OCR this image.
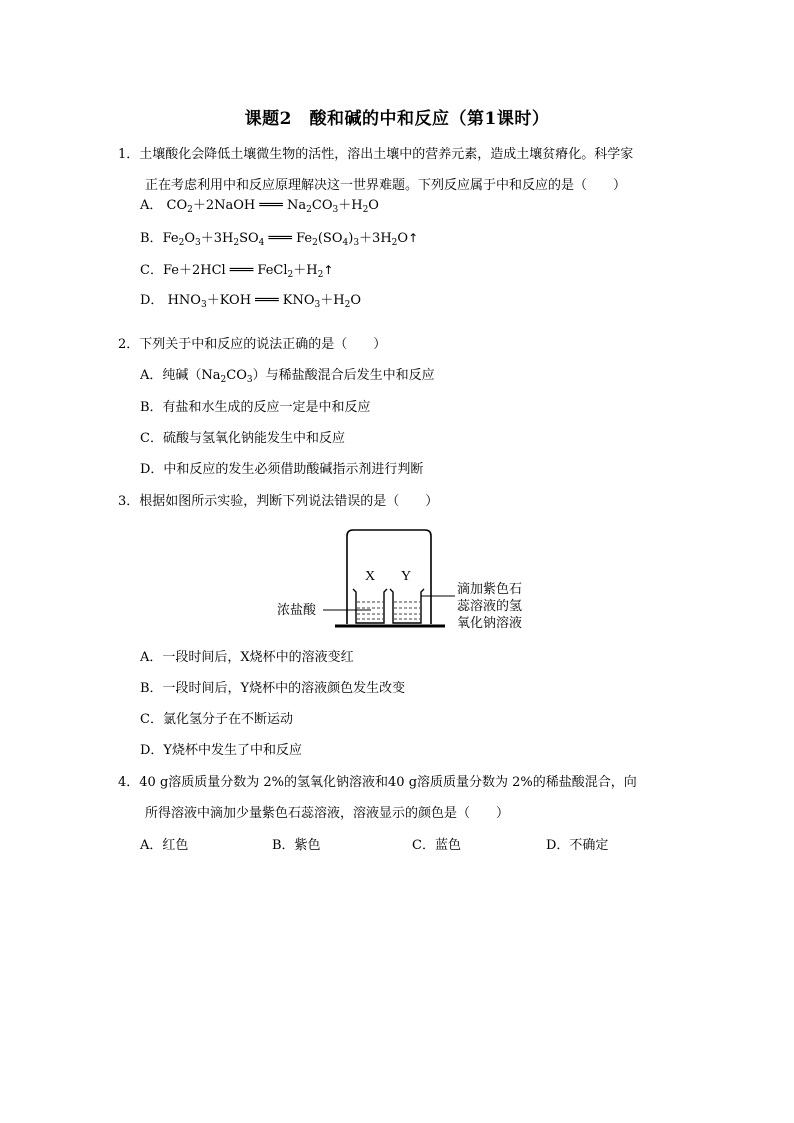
课题2　酸和碱的中和反应（第1课时）
1．土壤酸化会降低土壤微生物的活性，溶出土壤中的营养元素，造成土壤贫瘠化。科学家
正在考虑利用中和反应原理解决这一世界难题。下列反应属于中和反应的是（　　）
A． $CO_2+2NaOH$ ═══ $Na_2CO_3+H_2O$
B．$Fe_2O_3+3H_2SO_4$ ═══ $Fe_2(SO_4)_3+3H_2O↑$
C．Fe＋2HCl ═══ $FeCl_2+H_2↑$
D． $HNO_3+KOH$ ═══ $KNO_3+H_2O$
2．下列关于中和反应的说法正确的是（　　）
A．纯碱$(Na_2CO_3)$与稀盐酸混合后发生中和反应
B．有盐和水生成的反应一定是中和反应
C．硫酸与氢氧化钠能发生中和反应
D．中和反应的发生必须借助酸碱指示剂进行判断
3．根据如图所示实验，判断下列说法错误的是（　　）
X Y
浓盐酸
滴加紫色石
蕊溶液的氢
氧化钠溶液
A．一段时间后，X烧杯中的溶液变红
B．一段时间后，Y烧杯中的溶液颜色发生改变
C．氯化氢分子在不断运动
D．Y烧杯中发生了中和反应
4．40 g溶质质量分数为 2%的氢氧化钠溶液和40 g溶质质量分数为 2%的稀盐酸混合，向
所得溶液中滴加少量紫色石蕊溶液，溶液显示的颜色是（　　）
A．红色	B．紫色	C．蓝色	D．不确定
